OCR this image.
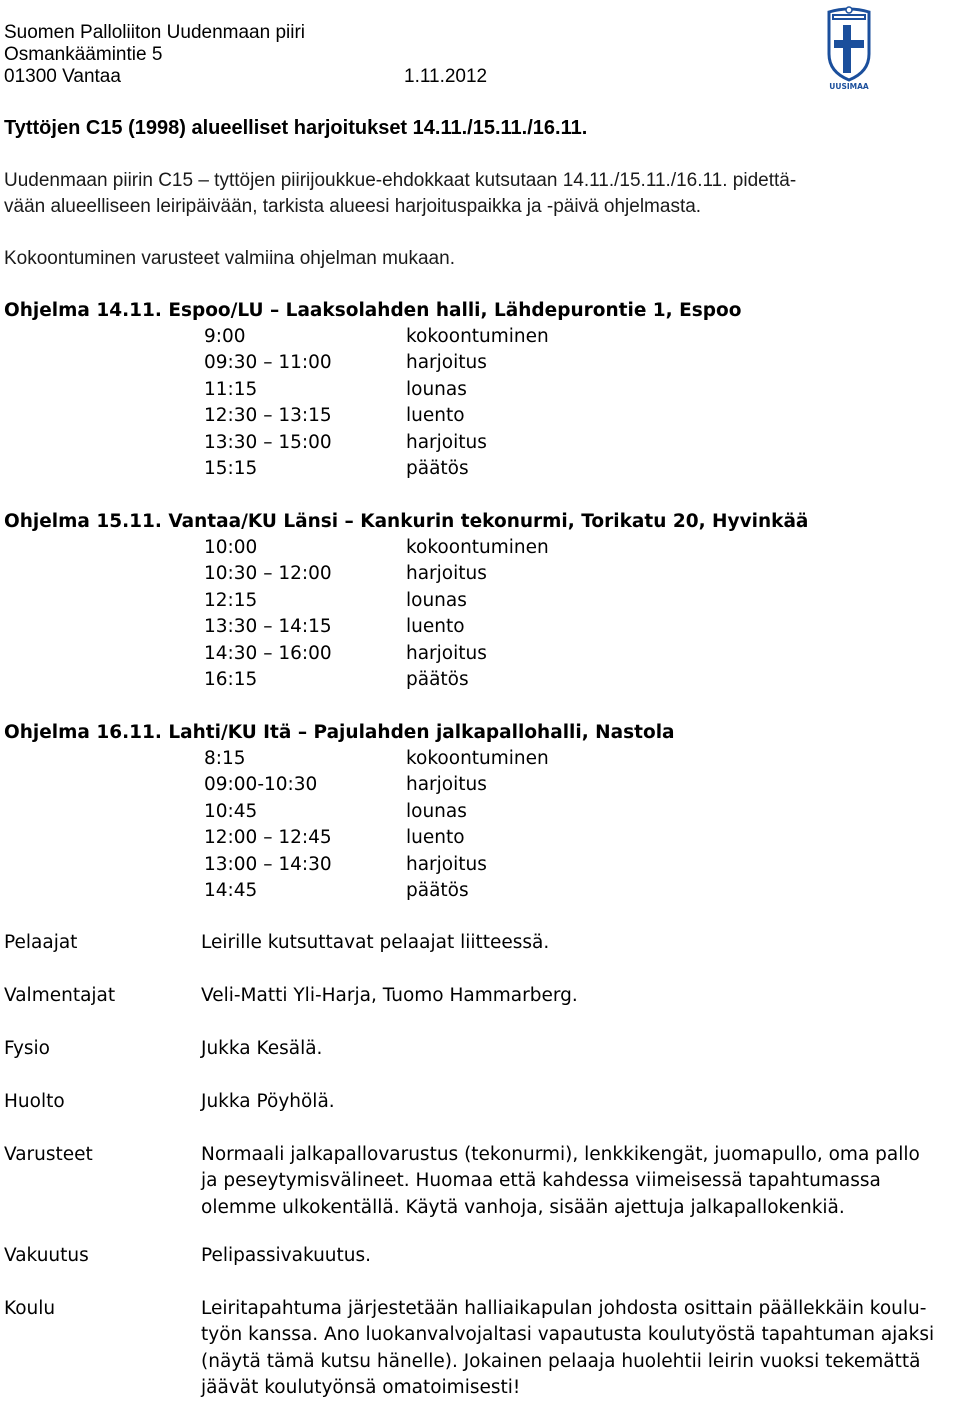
Suomen Palloliiton Uudenmaan piiri
Osmankäämintie 5
01300 Vantaa	1.11.2012	UUSIMAA
Tyttöjen C15 (1998) alueelliset harjoitukset 14.11./15.11./16.11.
Uudenmaan piirin C15 – tyttöjen piirijoukkue-ehdokkaat kutsutaan 14.11./15.11./16.11. pidettä-
vään alueelliseen leiripäivään, tarkista alueesi harjoituspaikka ja -päivä ohjelmasta.
Kokoontuminen varusteet valmiina ohjelman mukaan.
Ohjelma 14.11. Espoo/LU – Laaksolahden halli, Lähdepurontie 1, Espoo
9:00	kokoontuminen
09:30 – 11:00	harjoitus
11:15	lounas
12:30 – 13:15	luento
13:30 – 15:00	harjoitus
15:15	päätös
Ohjelma 15.11. Vantaa/KU Länsi – Kankurin tekonurmi, Torikatu 20, Hyvinkää
10:00	kokoontuminen
10:30 – 12:00	harjoitus
12:15	lounas
13:30 – 14:15	luento
14:30 – 16:00	harjoitus
16:15	päätös
Ohjelma 16.11. Lahti/KU Itä – Pajulahden jalkapallohalli, Nastola
8:15	kokoontuminen
09:00-10:30	harjoitus
10:45	lounas
12:00 – 12:45	luento
13:00 – 14:30	harjoitus
14:45	päätös
Pelaajat	Leirille kutsuttavat pelaajat liitteessä.
Valmentajat	Veli-Matti Yli-Harja, Tuomo Hammarberg.
Fysio	Jukka Kesälä.
Huolto	Jukka Pöyhölä.
Varusteet	Normaali jalkapallovarustus (tekonurmi), lenkkikengät, juomapullo, oma pallo
ja peseytymisvälineet. Huomaa että kahdessa viimeisessä tapahtumassa
olemme ulkokentällä. Käytä vanhoja, sisään ajettuja jalkapallokenkiä.
Vakuutus	Pelipassivakuutus.
Koulu	Leiritapahtuma järjestetään halliaikapulan johdosta osittain päällekkäin koulu-
työn kanssa. Ano luokanvalvojaltasi vapautusta koulutyöstä tapahtuman ajaksi
(näytä tämä kutsu hänelle). Jokainen pelaaja huolehtii leirin vuoksi tekemättä
jäävät koulutyönsä omatoimisesti!
